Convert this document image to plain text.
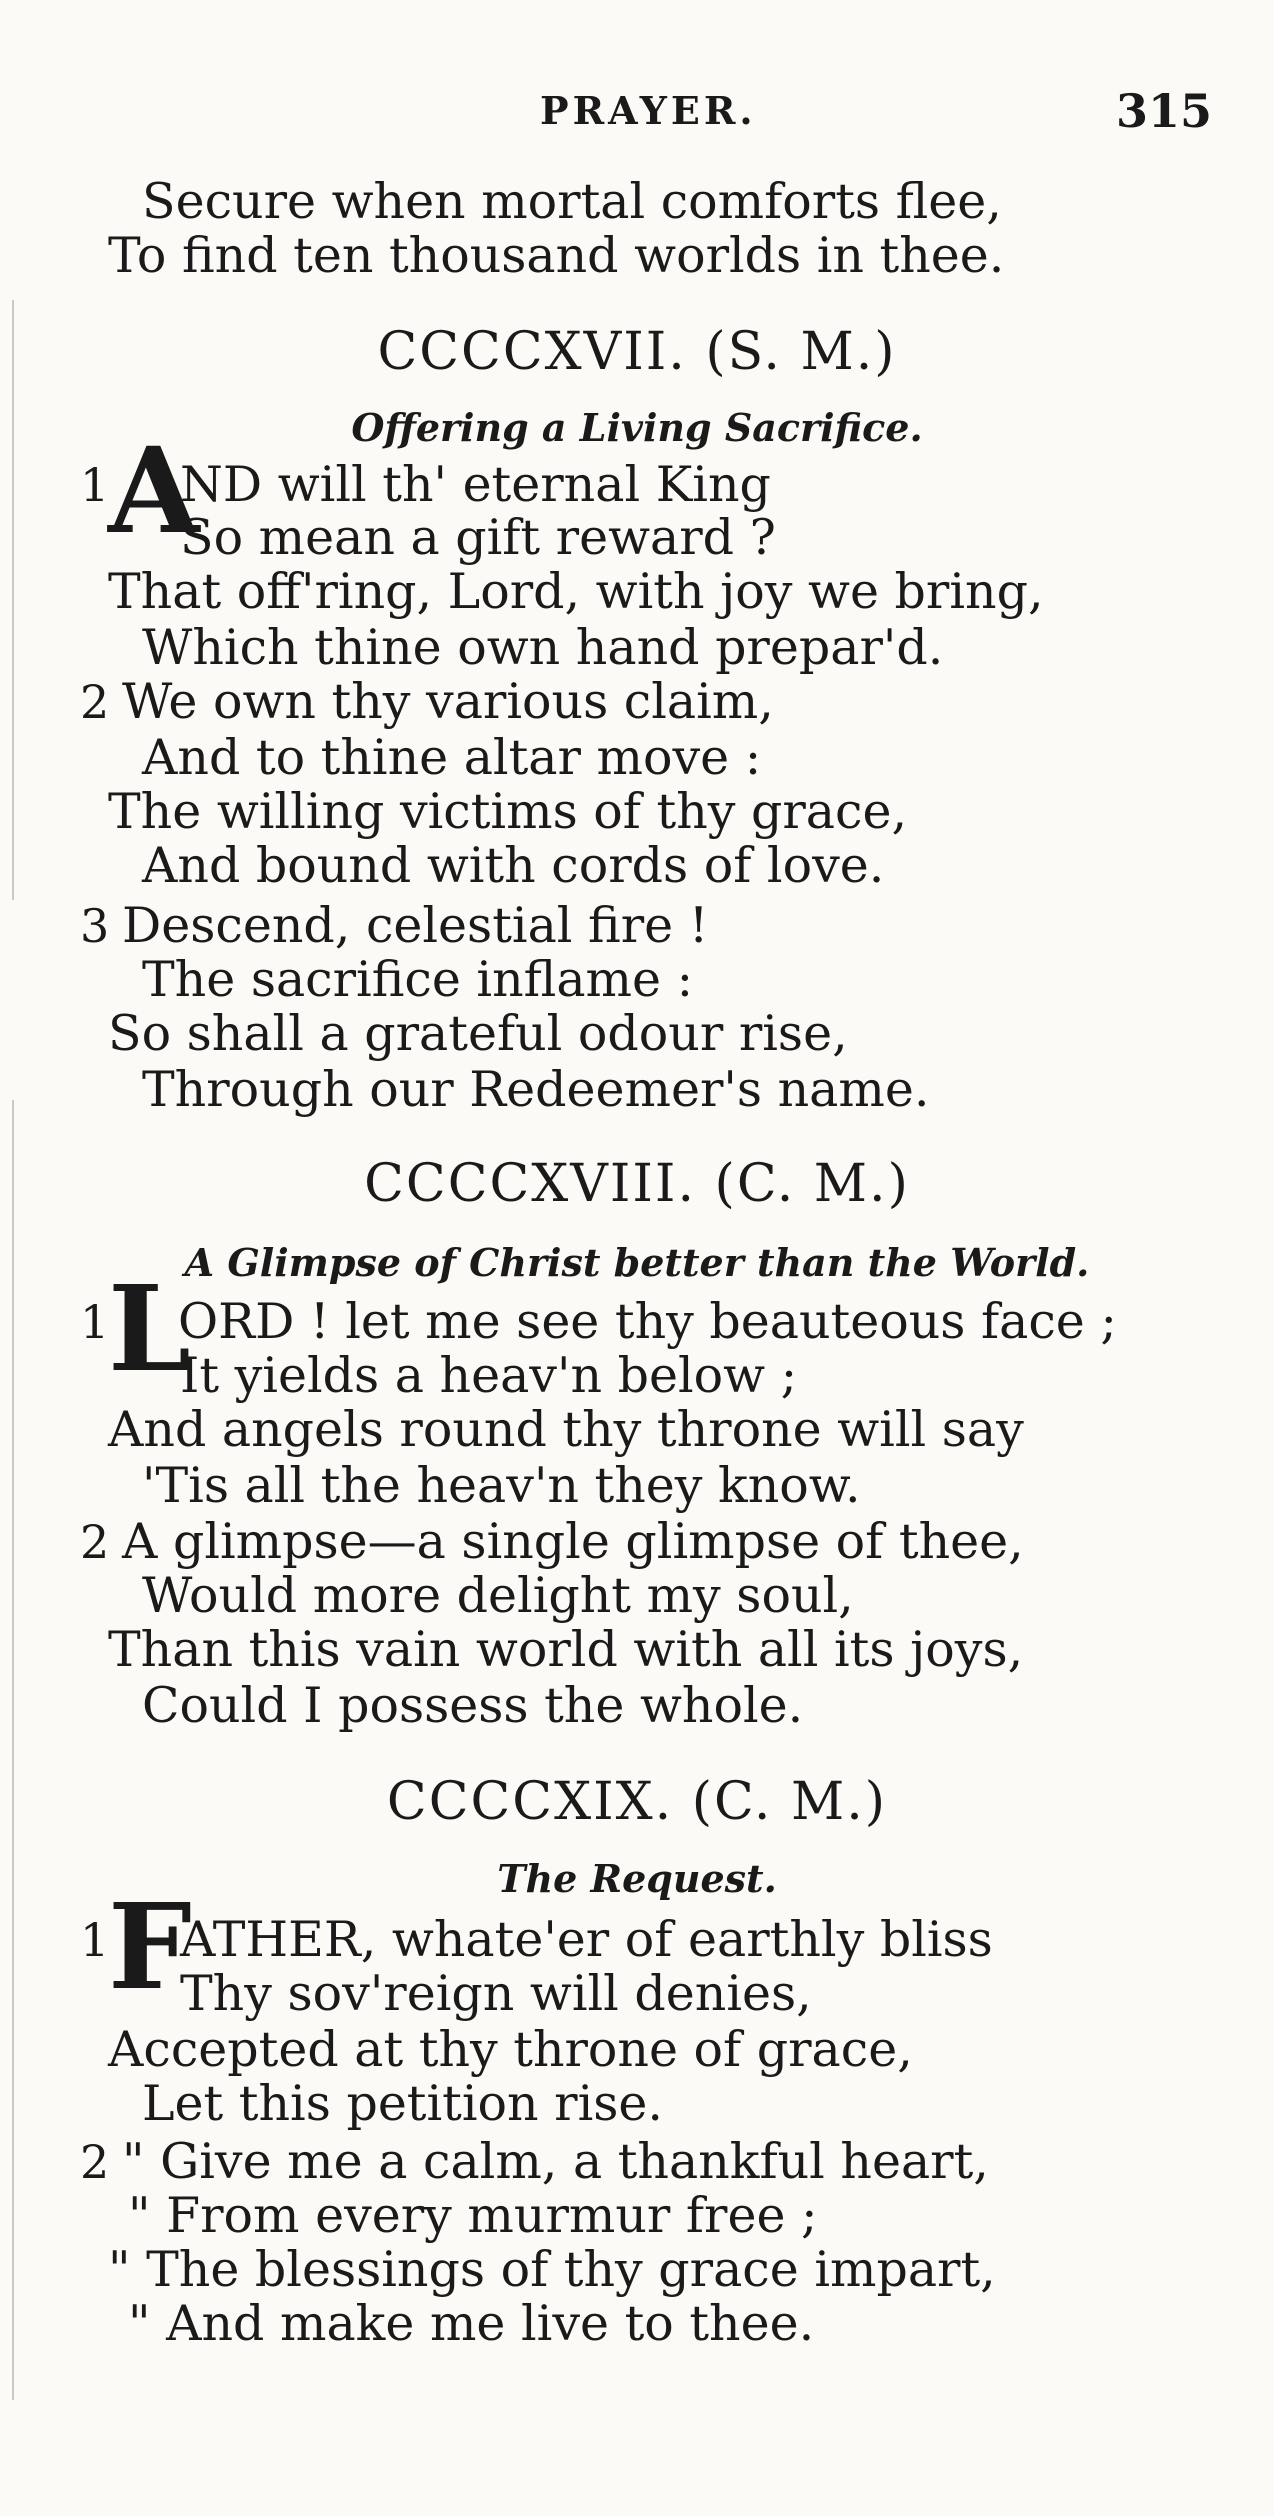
PRAYER.	315
Secure when mortal comforts flee,
To find ten thousand worlds in thee.
CCCCXVII. (S. M.)
Offering a Living Sacrifice.
1
A
ND will th' eternal King
So mean a gift reward ?
That off'ring, Lord, with joy we bring,
Which thine own hand prepar'd.
2 We own thy various claim,
And to thine altar move :
The willing victims of thy grace,
And bound with cords of love.
3 Descend, celestial fire !
The sacrifice inflame :
So shall a grateful odour rise,
Through our Redeemer's name.
CCCCXVIII. (C. M.)
A Glimpse of Christ better than the World.
1
L
ORD ! let me see thy beauteous face ;
It yields a heav'n below ;
And angels round thy throne will say
'Tis all the heav'n they know.
2 A glimpse—a single glimpse of thee,
Would more delight my soul,
Than this vain world with all its joys,
Could I possess the whole.
CCCCXIX. (C. M.)
The Request.
1
F
ATHER, whate'er of earthly bliss
Thy sov'reign will denies,
Accepted at thy throne of grace,
Let this petition rise.
2 " Give me a calm, a thankful heart,
" From every murmur free ;
" The blessings of thy grace impart,
" And make me live to thee.
